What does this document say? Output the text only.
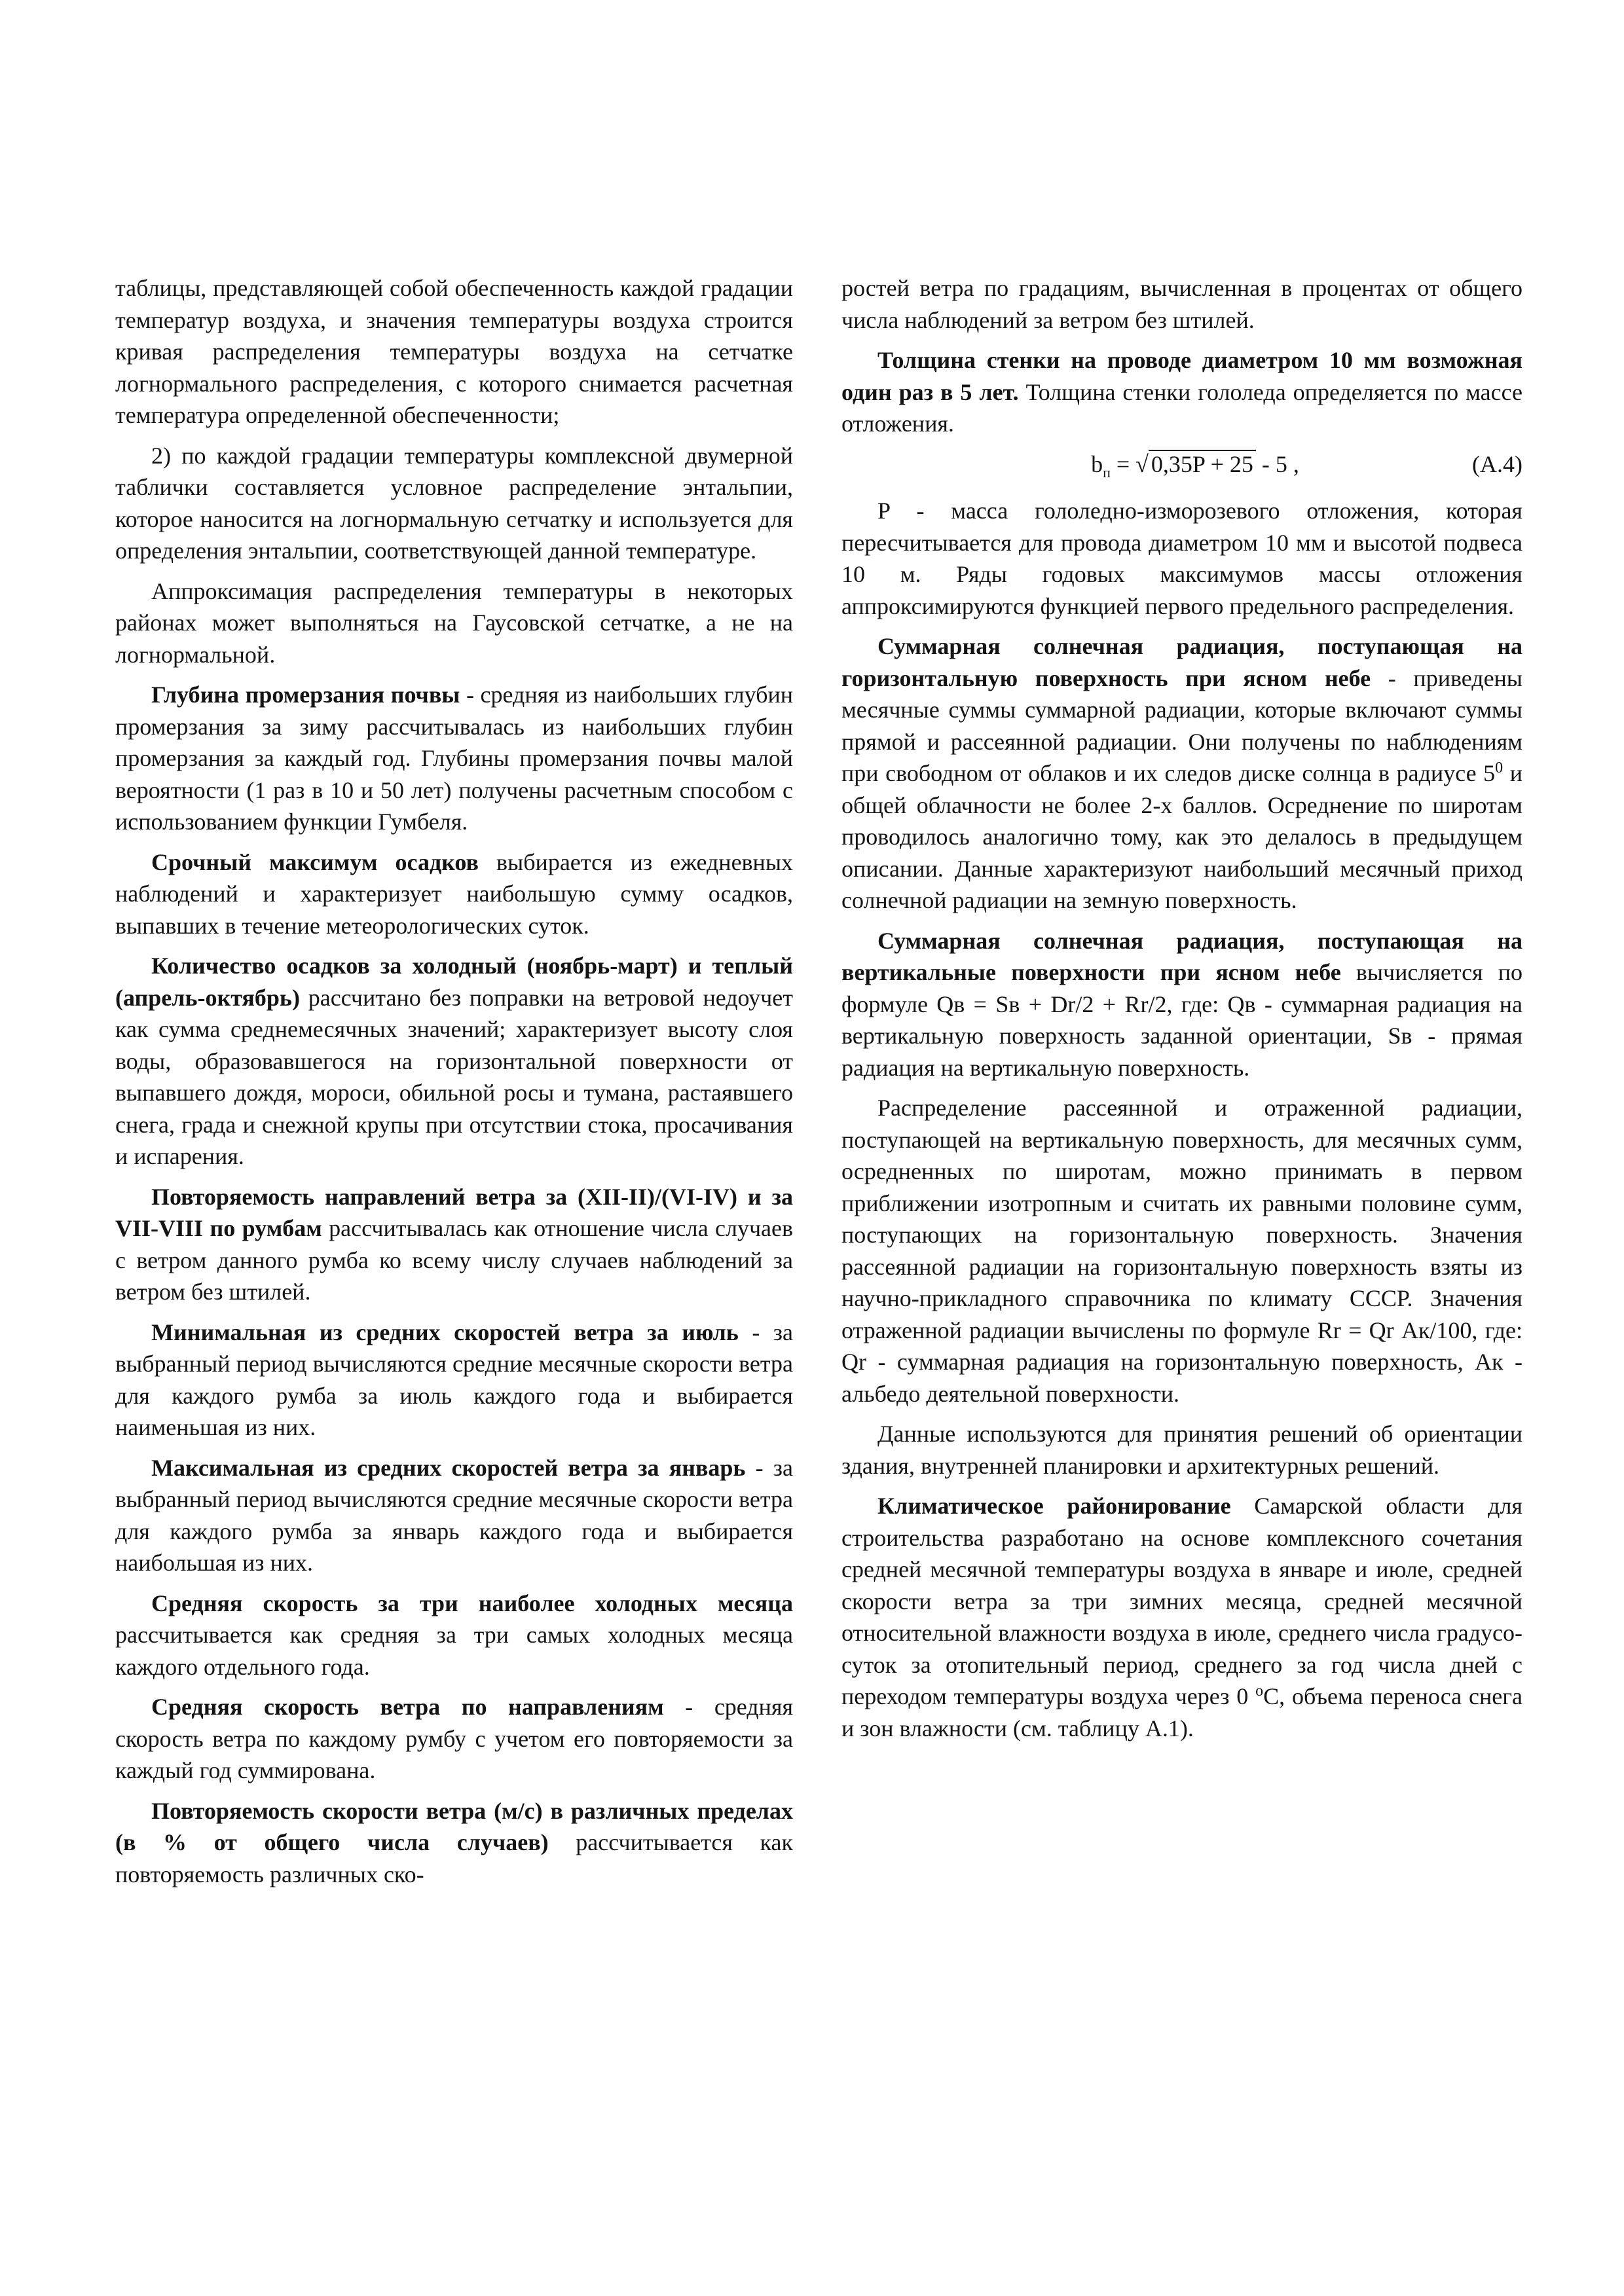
таблицы, представляющей собой обеспеченность каждой градации температур воздуха, и значения температуры воздуха строится кривая распределения температуры воздуха на сетчатке логнормального распределения, с которого снимается расчетная температура определенной обеспеченности;

2) по каждой градации температуры комплексной двумерной таблички составляется условное распределение энтальпии, которое наносится на логнормальную сетчатку и используется для определения энтальпии, соответствующей данной температуре.

Аппроксимация распределения температуры в некоторых районах может выполняться на Гаусовской сетчатке, а не на логнормальной.

Глубина промерзания почвы - средняя из наибольших глубин промерзания за зиму рассчитывалась из наибольших глубин промерзания за каждый год. Глубины промерзания почвы малой вероятности (1 раз в 10 и 50 лет) получены расчетным способом с использованием функции Гумбеля.

Срочный максимум осадков выбирается из ежедневных наблюдений и характеризует наибольшую сумму осадков, выпавших в течение метеорологических суток.

Количество осадков за холодный (ноябрь-март) и теплый (апрель-октябрь) рассчитано без поправки на ветровой недоучет как сумма среднемесячных значений; характеризует высоту слоя воды, образовавшегося на горизонтальной поверхности от выпавшего дождя, мороси, обильной росы и тумана, растаявшего снега, града и снежной крупы при отсутствии стока, просачивания и испарения.

Повторяемость направлений ветра за (XII-II)/(VI-IV) и за VII-VIII по румбам рассчитывалась как отношение числа случаев с ветром данного румба ко всему числу случаев наблюдений за ветром без штилей.

Минимальная из средних скоростей ветра за июль - за выбранный период вычисляются средние месячные скорости ветра для каждого румба за июль каждого года и выбирается наименьшая из них.

Максимальная из средних скоростей ветра за январь - за выбранный период вычисляются средние месячные скорости ветра для каждого румба за январь каждого года и выбирается наибольшая из них.

Средняя скорость за три наиболее холодных месяца рассчитывается как средняя за три самых холодных месяца каждого отдельного года.

Средняя скорость ветра по направлениям - средняя скорость ветра по каждому румбу с учетом его повторяемости за каждый год суммирована.

Повторяемость скорости ветра (м/с) в различных пределах (в % от общего числа случаев) рассчитывается как повторяемость различных ско-

ростей ветра по градациям, вычисленная в процентах от общего числа наблюдений за ветром без штилей.

Толщина стенки на проводе диаметром 10 мм возможная один раз в 5 лет. Толщина стенки гололеда определяется по массе отложения.

$b_п$ = √ 0,35P + 25 - 5 ,	(А.4)

P - масса гололедно-изморозевого отложения, которая пересчитывается для провода диаметром 10 мм и высотой подвеса 10 м. Ряды годовых максимумов массы отложения аппроксимируются функцией первого предельного распределения.

Суммарная солнечная радиация, поступающая на горизонтальную поверхность при ясном небе - приведены месячные суммы суммарной радиации, которые включают суммы прямой и рассеянной радиации. Они получены по наблюдениям при свободном от облаков и их следов диске солнца в радиусе $5^0$ и общей облачности не более 2-х баллов. Осреднение по широтам проводилось аналогично тому, как это делалось в предыдущем описании. Данные характеризуют наибольший месячный приход солнечной радиации на земную поверхность.

Суммарная солнечная радиация, поступающая на вертикальные поверхности при ясном небе вычисляется по формуле Qв = Sв + Dr/2 + Rr/2, где: Qв - суммарная радиация на вертикальную поверхность заданной ориентации, Sв - прямая радиация на вертикальную поверхность.

Распределение рассеянной и отраженной радиации, поступающей на вертикальную поверхность, для месячных сумм, осредненных по широтам, можно принимать в первом приближении изотропным и считать их равными половине сумм, поступающих на горизонтальную поверхность. Значения рассеянной радиации на горизонтальную поверхность взяты из научно-прикладного справочника по климату СССР. Значения отраженной радиации вычислены по формуле Rr = Qr Ак/100, где: Qr - суммарная радиация на горизонтальную поверхность, Ак - альбедо деятельной поверхности.

Данные используются для принятия решений об ориентации здания, внутренней планировки и архитектурных решений.

Климатическое районирование Самарской области для строительства разработано на основе комплексного сочетания средней месячной температуры воздуха в январе и июле, средней скорости ветра за три зимних месяца, средней месячной относительной влажности воздуха в июле, среднего числа градусо-суток за отопительный период, среднего за год числа дней с переходом температуры воздуха через 0 $^о$С, объема переноса снега и зон влажности (см. таблицу А.1).
